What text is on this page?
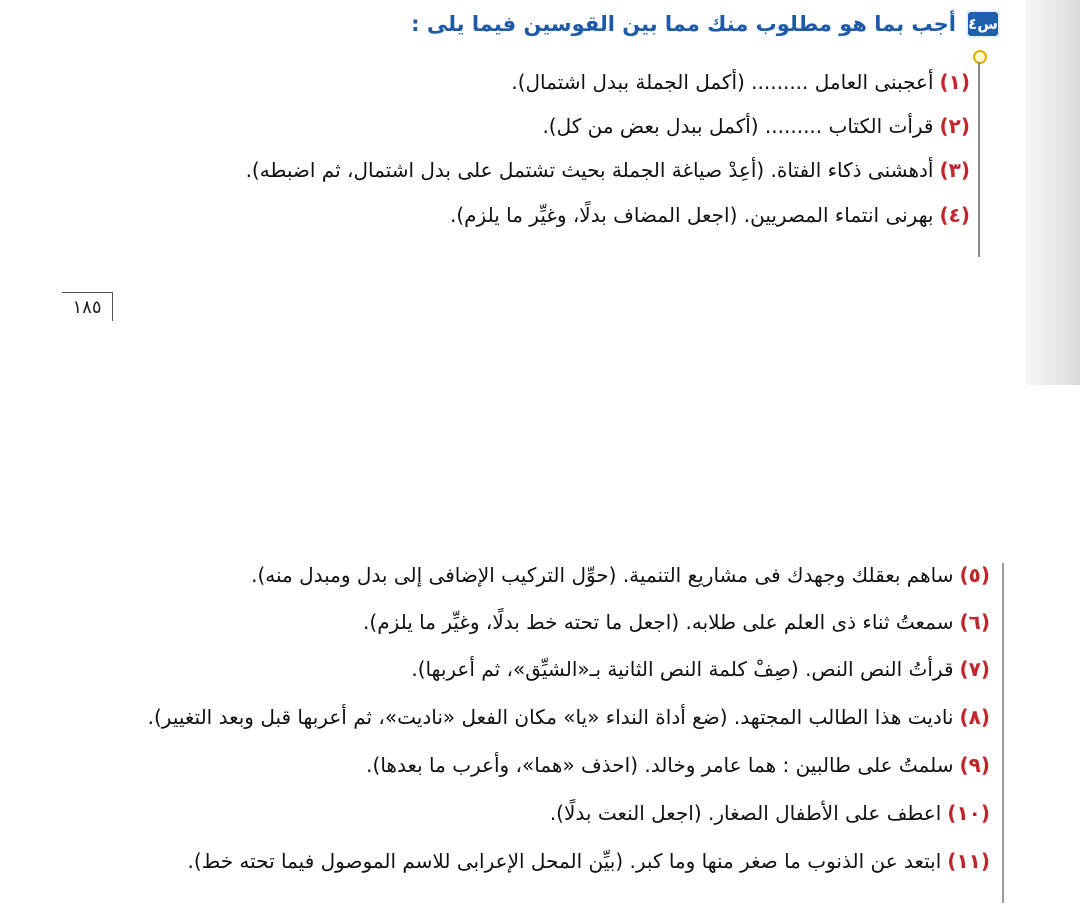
س٤
أجب بما هو مطلوب منك مما بين القوسين فيما يلى :
(١)أعجبنى العامل ......... (أكمل الجملة ببدل اشتمال).
(٢)قرأت الكتاب ......... (أكمل ببدل بعض من كل).
(٣)أدهشنى ذكاء الفتاة. (أعِدْ صياغة الجملة بحيث تشتمل على بدل اشتمال، ثم اضبطه).
(٤)بهرنى انتماء المصريين. (اجعل المضاف بدلًا، وغيِّر ما يلزم).
١٨٥
(٥)ساهم بعقلك وجهدك فى مشاريع التنمية. (حوِّل التركيب الإضافى إلى بدل ومبدل منه).
(٦)سمعتُ ثناء ذى العلم على طلابه. (اجعل ما تحته خط بدلًا، وغيِّر ما يلزم).
(٧)قرأتُ النص النص. (صِفْ كلمة النص الثانية بـ«الشيِّق»، ثم أعربها).
(٨)ناديت هذا الطالب المجتهد. (ضع أداة النداء «يا» مكان الفعل «ناديت»، ثم أعربها قبل وبعد التغيير).
(٩)سلمتُ على طالبين : هما عامر وخالد. (احذف «هما»، وأعرب ما بعدها).
(١٠)اعطف على الأطفال الصغار. (اجعل النعت بدلًا).
(١١)ابتعد عن الذنوب ما صغر منها وما كبر. (بيِّن المحل الإعرابى للاسم الموصول فيما تحته خط).
